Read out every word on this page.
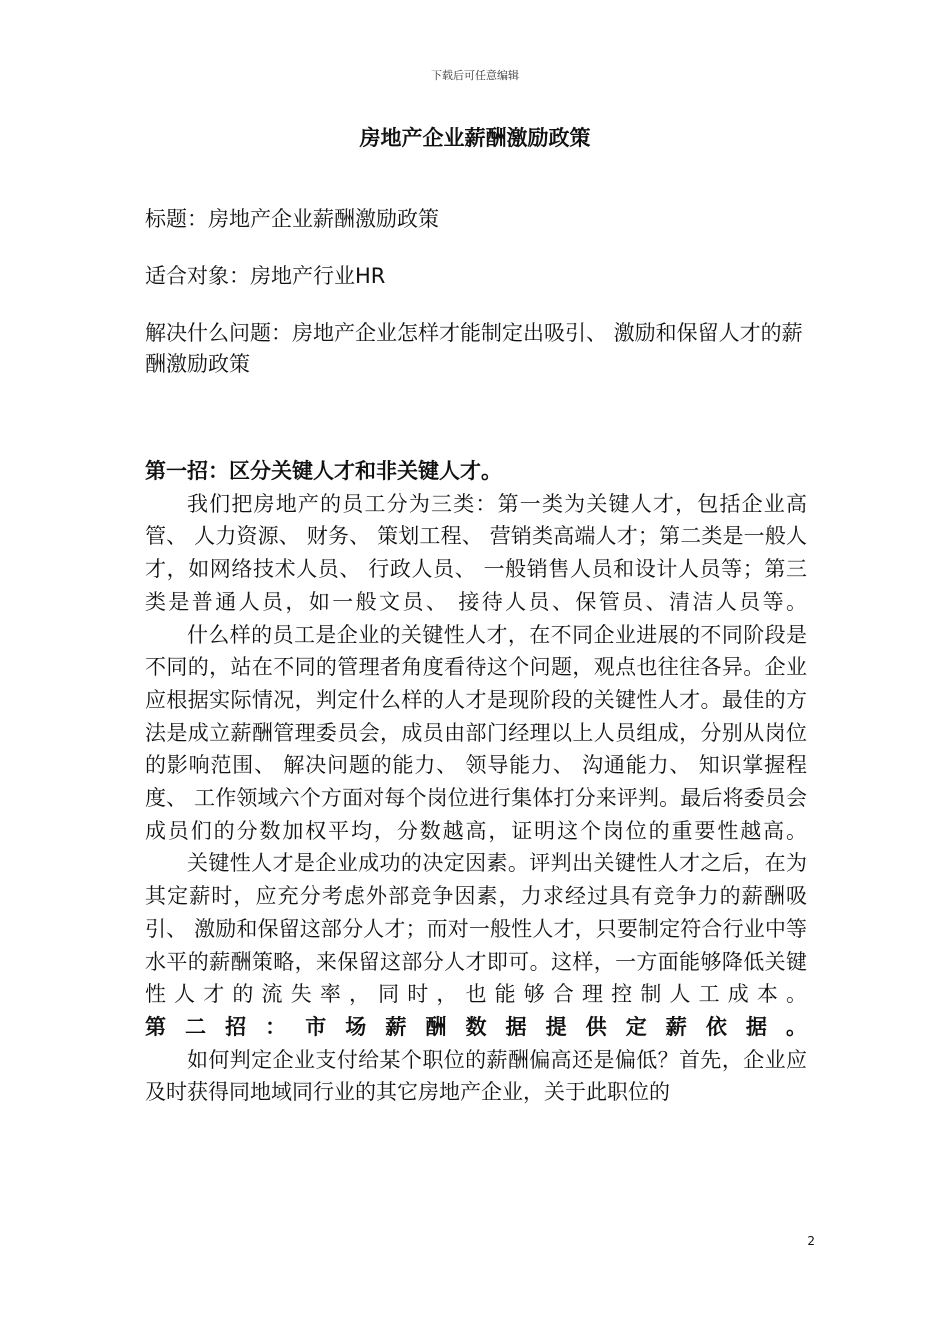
下载后可任意编辑
房地产企业薪酬激励政策
标题：房地产企业薪酬激励政策
适合对象：房地产行业HR
解决什么问题：房地产企业怎样才能制定出吸引、 激励和保留人才的薪酬激励政策
第一招：区分关键人才和非关键人才。

我们把房地产的员工分为三类：第一类为关键人才，包括企业高管、 人力资源、 财务、 策划工程、 营销类高端人才；第二类是一般人才，如网络技术人员、 行政人员、 一般销售人员和设计人员等；第三类是普通人员，如一般文员、 接待人员、保管员、清洁人员等。

什么样的员工是企业的关键性人才，在不同企业进展的不同阶段是不同的，站在不同的管理者角度看待这个问题，观点也往往各异。企业应根据实际情况，判定什么样的人才是现阶段的关键性人才。最佳的方法是成立薪酬管理委员会，成员由部门经理以上人员组成，分别从岗位的影响范围、 解决问题的能力、 领导能力、 沟通能力、 知识掌握程度、 工作领域六个方面对每个岗位进行集体打分来评判。最后将委员会成员们的分数加权平均，分数越高，证明这个岗位的重要性越高。

关键性人才是企业成功的决定因素。评判出关键性人才之后，在为其定薪时，应充分考虑外部竞争因素，力求经过具有竞争力的薪酬吸引、 激励和保留这部分人才；而对一般性人才，只要制定符合行业中等水平的薪酬策略，来保留这部分人才即可。这样，一方面能够降低关键性人才的流失率，同时，也能够合理控制人工成本。

第二招：市场薪酬数据提供定薪依据。

如何判定企业支付给某个职位的薪酬偏高还是偏低？首先，企业应及时获得同地域同行业的其它房地产企业，关于此职位的

2
